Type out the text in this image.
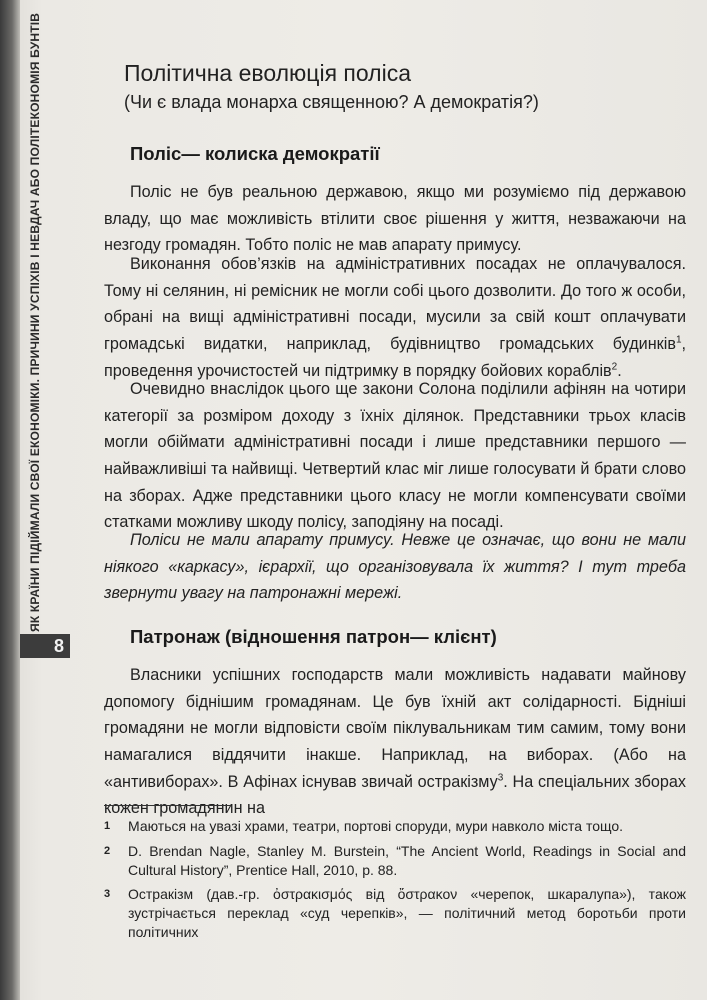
ЯК КРАЇНИ ПІДІЙМАЛИ СВОЇ ЕКОНОМІКИ. ПРИЧИНИ УСПІХІВ І НЕВДАЧ АБО ПОЛІТЕКОНОМІЯ БУНТІВ
8
Політична еволюція поліса
(Чи є влада монарха священною? А демократія?)
Поліс— колиска демократії

Поліс не був реальною державою, якщо ми розуміємо під державою владу, що має можливість втілити своє рішення у життя, незважаючи на незгоду громадян. Тобто поліс не мав апарату примусу.

Виконання обов’язків на адміністративних посадах не оплачувалося. Тому ні селянин, ні ремісник не могли собі цього дозволити. До того ж особи, обрані на вищі адміністративні посади, мусили за свій кошт оплачувати громадські видатки, наприклад, будівництво громадських будинків$^1$, проведення урочистостей чи підтримку в порядку бойових кораблів$^2$.

Очевидно внаслідок цього ще закони Солона поділили афінян на чотири категорії за розміром доходу з їхніх ділянок. Представники трьох класів могли обіймати адміністративні посади і лише представники першого — найважливіші та найвищі. Четвертий клас міг лише голосувати й брати слово на зборах. Адже представники цього класу не могли компенсувати своїми статками можливу шкоду полісу, заподіяну на посаді.

Поліси не мали апарату примусу. Невже це означає, що вони не мали ніякого «каркасу», ієрархії, що організовувала їх життя? І тут треба звернути увагу на патронажні мережі.

Патронаж (відношення патрон— клієнт)

Власники успішних господарств мали можливість надавати майнову допомогу біднішим громадянам. Це був їхній акт солідарності. Бідніші громадяни не могли відповісти своїм піклувальникам тим самим, тому вони намагалися віддячити інакше. Наприклад, на виборах. (Або на «антивиборах». В Афінах існував звичай остракізму$^3$. На спеціальних зборах кожен громадянин на

1 Маються на увазі храми, театри, портові споруди, мури навколо міста тощо.
2 D. Brendan Nagle, Stanley M. Burstein, “The Ancient World, Readings in Social and Cultural History”, Prentice Hall, 2010, p. 88.
3 Остракізм (дав.-гр. ὀστρακισμός від ὄστρακον «черепок, шкаралупа»), також зустрічається переклад «суд черепків», — політичний метод боротьби проти політичних
